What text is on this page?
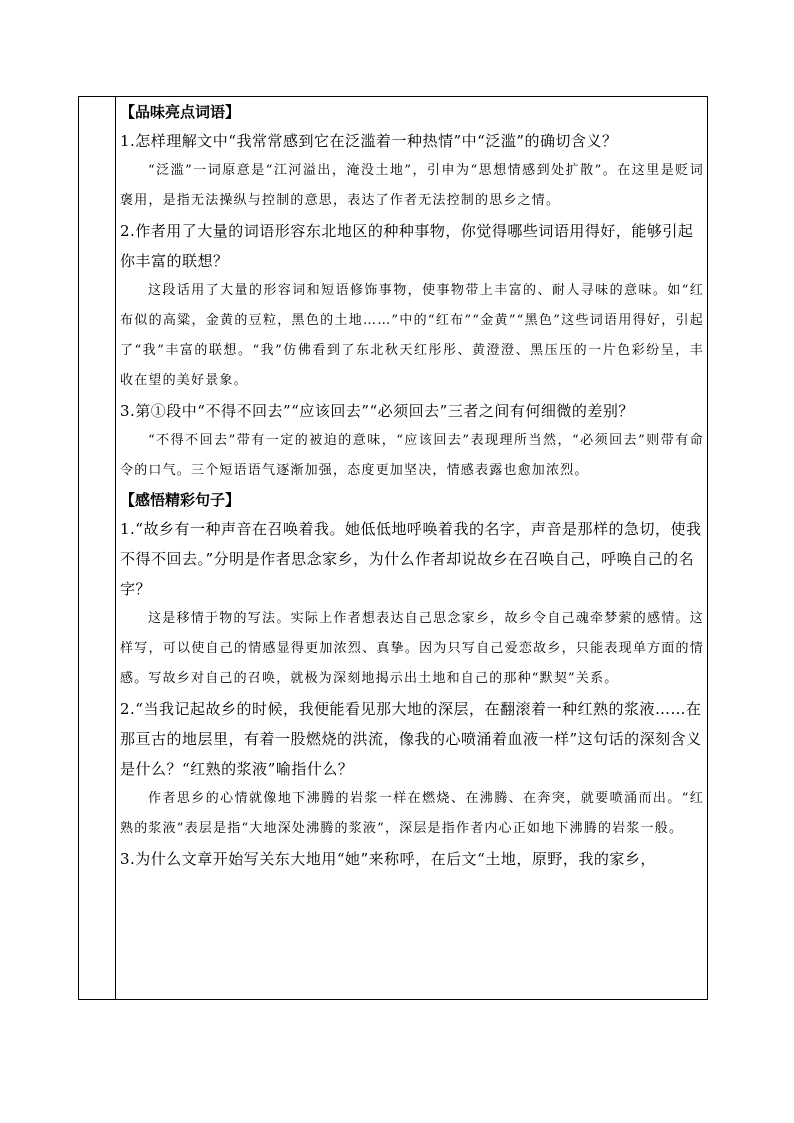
【品味亮点词语】

1.怎样理解文中“我常常感到它在泛滥着一种热情”中“泛滥”的确切含义？

“泛滥”一词原意是“江河溢出，淹没土地”，引申为“思想情感到处扩散”。在这里是贬词褒用，是指无法操纵与控制的意思，表达了作者无法控制的思乡之情。

2.作者用了大量的词语形容东北地区的种种事物，你觉得哪些词语用得好，能够引起你丰富的联想？

这段话用了大量的形容词和短语修饰事物，使事物带上丰富的、耐人寻味的意味。如“红布似的高粱，金黄的豆粒，黑色的土地……”中的“红布”“金黄”“黑色”这些词语用得好，引起了“我”丰富的联想。“我”仿佛看到了东北秋天红彤彤、黄澄澄、黑压压的一片色彩纷呈，丰收在望的美好景象。

3.第①段中“不得不回去”“应该回去”“必须回去”三者之间有何细微的差别？

“不得不回去”带有一定的被迫的意味，“应该回去”表现理所当然，“必须回去”则带有命令的口气。三个短语语气逐渐加强，态度更加坚决，情感表露也愈加浓烈。

【感悟精彩句子】

1.“故乡有一种声音在召唤着我。她低低地呼唤着我的名字，声音是那样的急切，使我不得不回去。”分明是作者思念家乡，为什么作者却说故乡在召唤自己，呼唤自己的名字？

这是移情于物的写法。实际上作者想表达自己思念家乡，故乡令自己魂牵梦萦的感情。这样写，可以使自己的情感显得更加浓烈、真挚。因为只写自己爱恋故乡，只能表现单方面的情感。写故乡对自己的召唤，就极为深刻地揭示出土地和自己的那种“默契”关系。

2.“当我记起故乡的时候，我便能看见那大地的深层，在翻滚着一种红熟的浆液……在那亘古的地层里，有着一股燃烧的洪流，像我的心喷涌着血液一样”这句话的深刻含义是什么？“红熟的浆液”喻指什么？

作者思乡的心情就像地下沸腾的岩浆一样在燃烧、在沸腾、在奔突，就要喷涌而出。“红熟的浆液”表层是指“大地深处沸腾的浆液”，深层是指作者内心正如地下沸腾的岩浆一般。

3.为什么文章开始写关东大地用“她”来称呼，在后文“土地，原野，我的家乡，
